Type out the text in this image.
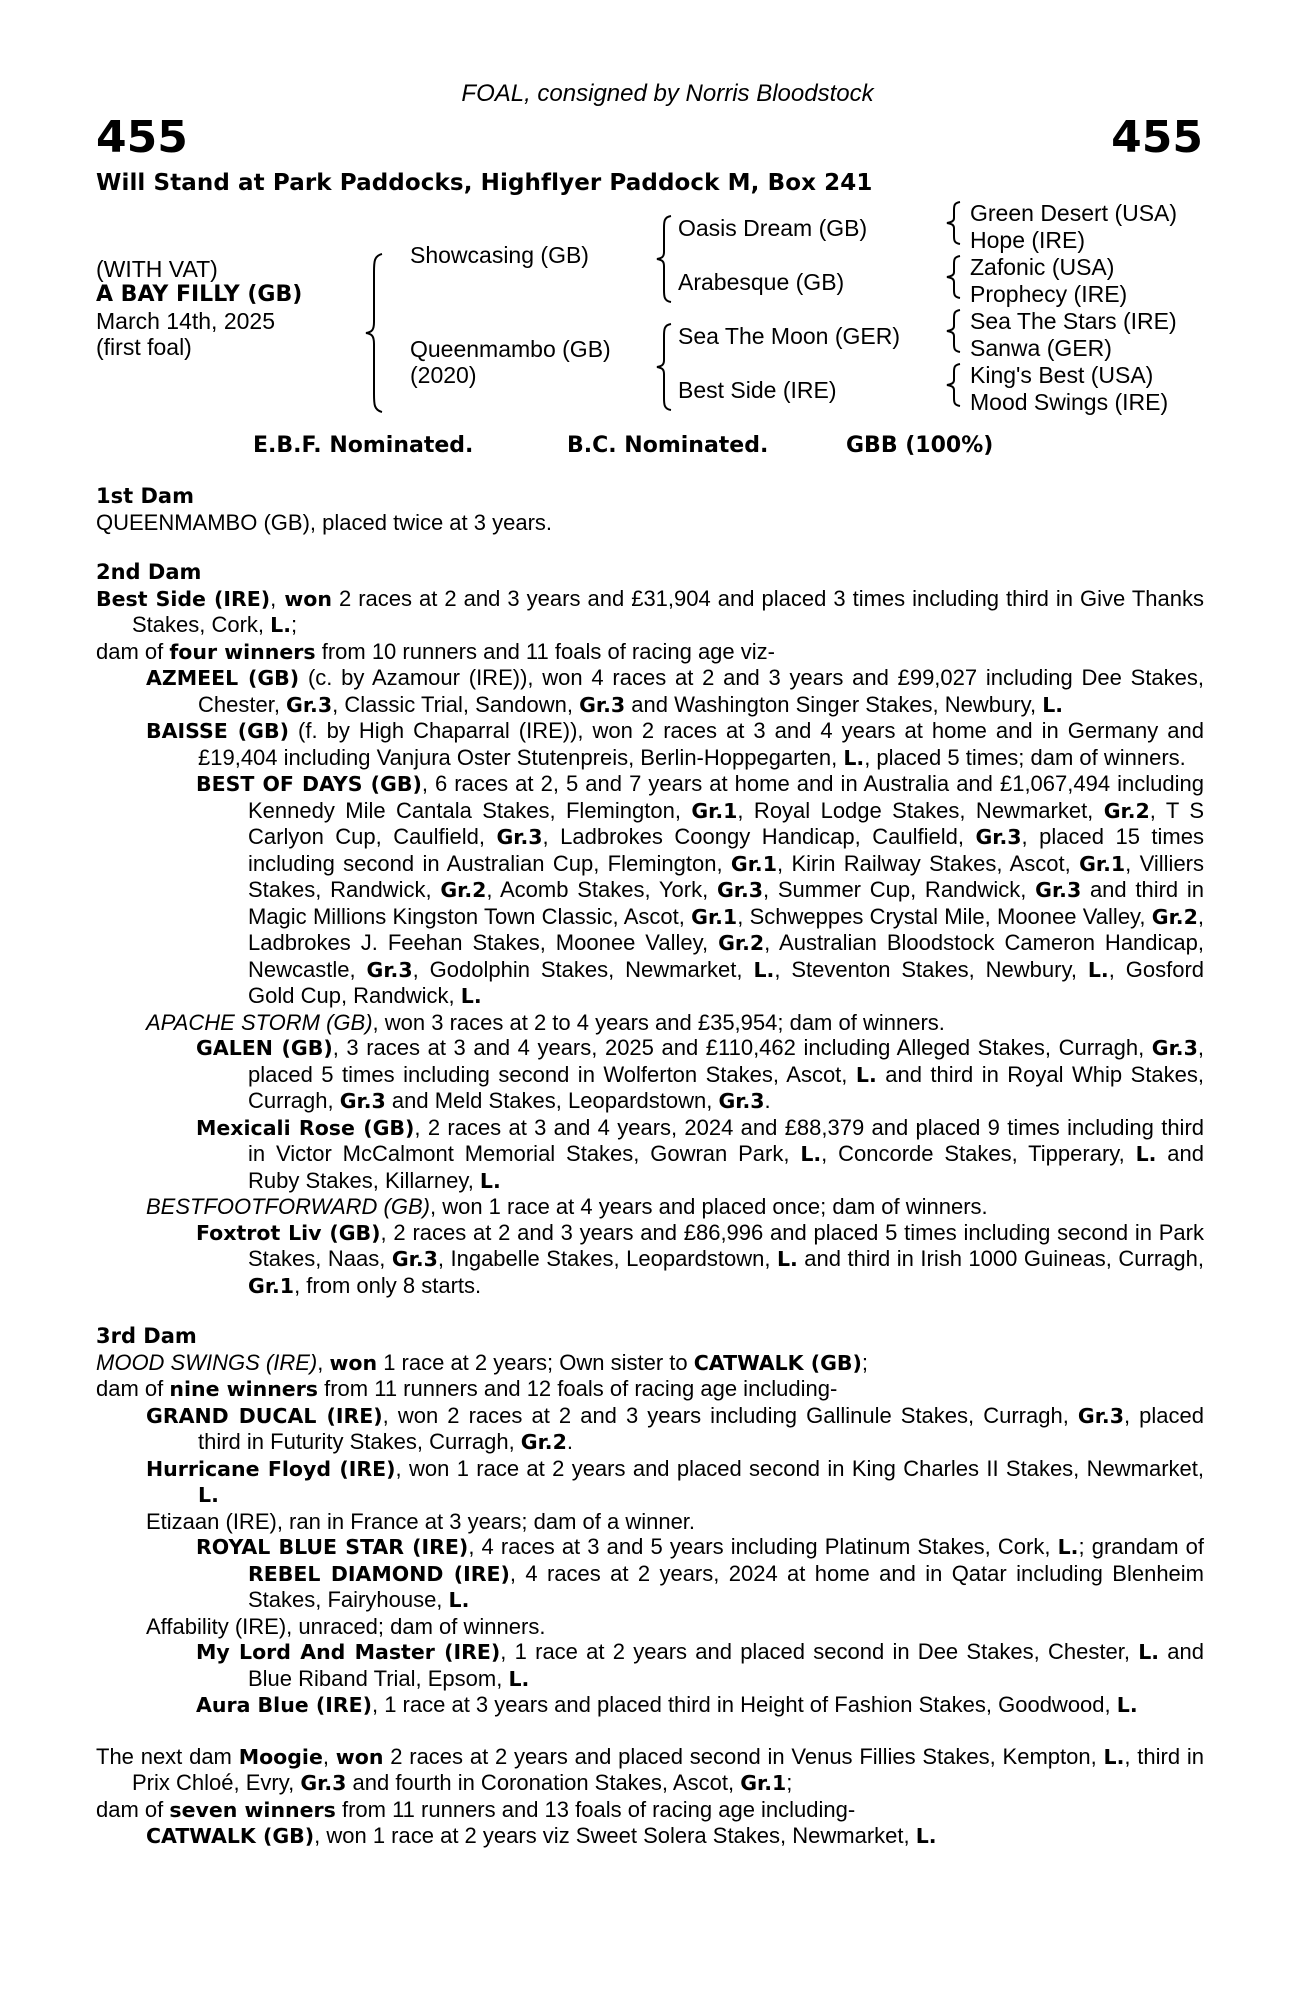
FOAL, consigned by Norris Bloodstock
455	455
Will Stand at Park Paddocks, Highflyer Paddock M, Box 241
(WITH VAT)
A BAY FILLY (GB)
March 14th, 2025
(first foal)
Showcasing (GB)
Queenmambo (GB)
(2020)
Oasis Dream (GB)
Arabesque (GB)
Sea The Moon (GER)
Best Side (IRE)
Green Desert (USA)
Hope (IRE)
Zafonic (USA)
Prophecy (IRE)
Sea The Stars (IRE)
Sanwa (GER)
King's Best (USA)
Mood Swings (IRE)
E.B.F. Nominated.	B.C. Nominated.	GBB (100%)
1st Dam
QUEENMAMBO (GB), placed twice at 3 years.
2nd Dam
Best Side (IRE), won 2 races at 2 and 3 years and £31,904 and placed 3 times including third in Give Thanks Stakes, Cork, L.;
dam of four winners from 10 runners and 11 foals of racing age viz-
AZMEEL (GB) (c. by Azamour (IRE)), won 4 races at 2 and 3 years and £99,027 including Dee Stakes, Chester, Gr.3, Classic Trial, Sandown, Gr.3 and Washington Singer Stakes, Newbury, L.
BAISSE (GB) (f. by High Chaparral (IRE)), won 2 races at 3 and 4 years at home and in Germany and £19,404 including Vanjura Oster Stutenpreis, Berlin-Hoppegarten, L., placed 5 times; dam of winners.
BEST OF DAYS (GB), 6 races at 2, 5 and 7 years at home and in Australia and £1,067,494 including Kennedy Mile Cantala Stakes, Flemington, Gr.1, Royal Lodge Stakes, Newmarket, Gr.2, T S Carlyon Cup, Caulfield, Gr.3, Ladbrokes Coongy Handicap, Caulfield, Gr.3, placed 15 times including second in Australian Cup, Flemington, Gr.1, Kirin Railway Stakes, Ascot, Gr.1, Villiers Stakes, Randwick, Gr.2, Acomb Stakes, York, Gr.3, Summer Cup, Randwick, Gr.3 and third in Magic Millions Kingston Town Classic, Ascot, Gr.1, Schweppes Crystal Mile, Moonee Valley, Gr.2, Ladbrokes J. Feehan Stakes, Moonee Valley, Gr.2, Australian Bloodstock Cameron Handicap, Newcastle, Gr.3, Godolphin Stakes, Newmarket, L., Steventon Stakes, Newbury, L., Gosford Gold Cup, Randwick, L.
APACHE STORM (GB), won 3 races at 2 to 4 years and £35,954; dam of winners.
GALEN (GB), 3 races at 3 and 4 years, 2025 and £110,462 including Alleged Stakes, Curragh, Gr.3, placed 5 times including second in Wolferton Stakes, Ascot, L. and third in Royal Whip Stakes, Curragh, Gr.3 and Meld Stakes, Leopardstown, Gr.3.
Mexicali Rose (GB), 2 races at 3 and 4 years, 2024 and £88,379 and placed 9 times including third in Victor McCalmont Memorial Stakes, Gowran Park, L., Concorde Stakes, Tipperary, L. and Ruby Stakes, Killarney, L.
BESTFOOTFORWARD (GB), won 1 race at 4 years and placed once; dam of winners.
Foxtrot Liv (GB), 2 races at 2 and 3 years and £86,996 and placed 5 times including second in Park Stakes, Naas, Gr.3, Ingabelle Stakes, Leopardstown, L. and third in Irish 1000 Guineas, Curragh, Gr.1, from only 8 starts.
3rd Dam
MOOD SWINGS (IRE), won 1 race at 2 years; Own sister to CATWALK (GB);
dam of nine winners from 11 runners and 12 foals of racing age including-
GRAND DUCAL (IRE), won 2 races at 2 and 3 years including Gallinule Stakes, Curragh, Gr.3, placed third in Futurity Stakes, Curragh, Gr.2.
Hurricane Floyd (IRE), won 1 race at 2 years and placed second in King Charles II Stakes, Newmarket, L.
Etizaan (IRE), ran in France at 3 years; dam of a winner.
ROYAL BLUE STAR (IRE), 4 races at 3 and 5 years including Platinum Stakes, Cork, L.; grandam of REBEL DIAMOND (IRE), 4 races at 2 years, 2024 at home and in Qatar including Blenheim Stakes, Fairyhouse, L.
Affability (IRE), unraced; dam of winners.
My Lord And Master (IRE), 1 race at 2 years and placed second in Dee Stakes, Chester, L. and Blue Riband Trial, Epsom, L.
Aura Blue (IRE), 1 race at 3 years and placed third in Height of Fashion Stakes, Goodwood, L.
The next dam Moogie, won 2 races at 2 years and placed second in Venus Fillies Stakes, Kempton, L., third in Prix Chloé, Evry, Gr.3 and fourth in Coronation Stakes, Ascot, Gr.1;
dam of seven winners from 11 runners and 13 foals of racing age including-
CATWALK (GB), won 1 race at 2 years viz Sweet Solera Stakes, Newmarket, L.
